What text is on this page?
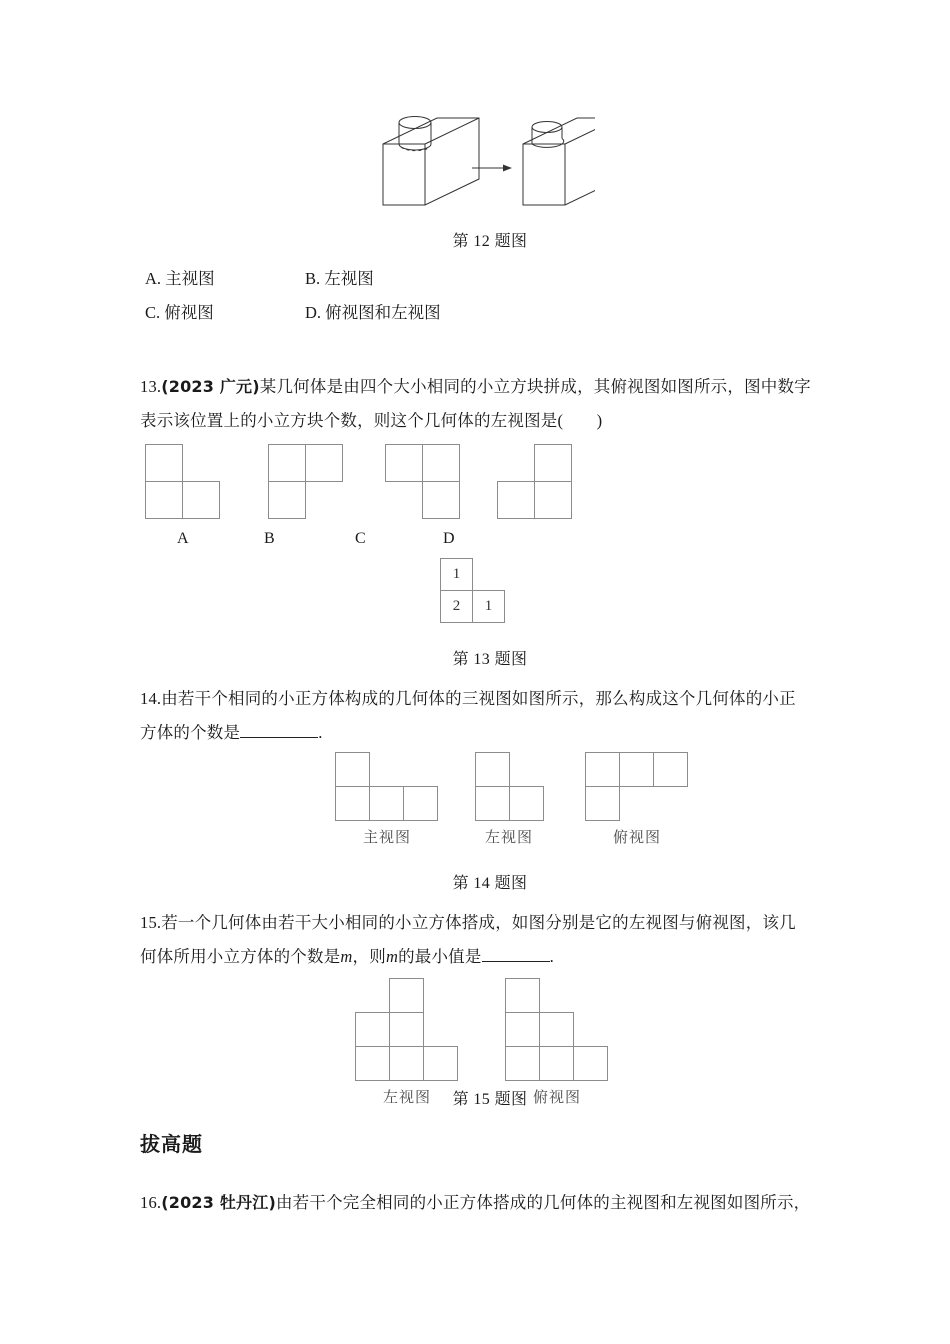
第 12 题图
A. 主视图	B. 左视图
C. 俯视图	D. 俯视图和左视图
13.(2023 广元)某几何体是由四个大小相同的小立方块拼成，其俯视图如图所示，图中数字
表示该位置上的小立方块个数，则这个几何体的左视图是(　　)
A	B	C	D
1
2	1
第 13 题图
14.由若干个相同的小正方体构成的几何体的三视图如图所示，那么构成这个几何体的小正
方体的个数是	.
主视图	左视图	俯视图
第 14 题图
15.若一个几何体由若干大小相同的小立方体搭成，如图分别是它的左视图与俯视图，该几
何体所用小立方体的个数是m，则m的最小值是	.
左视图	俯视图
第 15 题图
拔高题
16.(2023 牡丹江)由若干个完全相同的小正方体搭成的几何体的主视图和左视图如图所示，
